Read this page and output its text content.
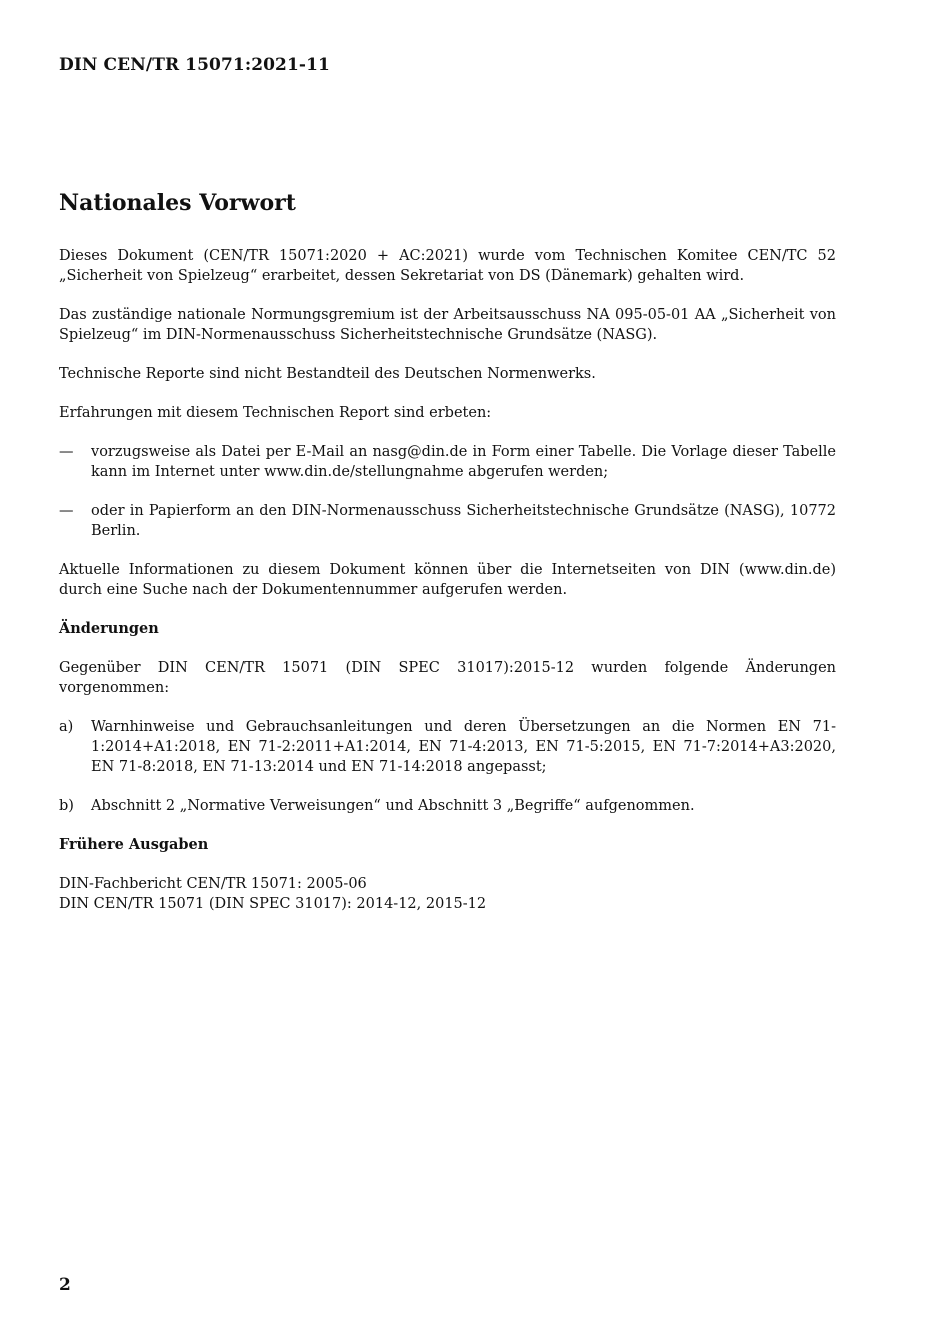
DIN CEN/TR 15071:2021-11
Nationales Vorwort

Dieses Dokument (CEN/TR 15071:2020 + AC:2021) wurde vom Technischen Komitee CEN/TC 52 „Sicherheit von Spielzeug“ erarbeitet, dessen Sekretariat von DS (Dänemark) gehalten wird.

Das zuständige nationale Normungsgremium ist der Arbeitsausschuss NA 095-05-01 AA „Sicherheit von Spielzeug“ im DIN-Normenausschuss Sicherheitstechnische Grundsätze (NASG).

Technische Reporte sind nicht Bestandteil des Deutschen Normenwerks.

Erfahrungen mit diesem Technischen Report sind erbeten:

—	vorzugsweise als Datei per E-Mail an nasg@din.de in Form einer Tabelle. Die Vorlage dieser Tabelle kann im Internet unter www.din.de/stellungnahme abgerufen werden;
—	oder in Papierform an den DIN-Normenausschuss Sicherheitstechnische Grundsätze (NASG), 10772 Berlin.

Aktuelle Informationen zu diesem Dokument können über die Internetseiten von DIN (www.din.de) durch eine Suche nach der Dokumentennummer aufgerufen werden.

Änderungen

Gegenüber DIN CEN/TR 15071 (DIN SPEC 31017):2015-12 wurden folgende Änderungen vorgenommen:

a)	Warnhinweise und Gebrauchsanleitungen und deren Übersetzungen an die Normen EN 71-1:2014+A1:2018, EN 71-2:2011+A1:2014, EN 71-4:2013, EN 71-5:2015, EN 71-7:2014+A3:2020, EN 71-8:2018, EN 71-13:2014 und EN 71-14:2018 angepasst;
b)	Abschnitt 2 „Normative Verweisungen“ und Abschnitt 3 „Begriffe“ aufgenommen.
Frühere Ausgaben

DIN-Fachbericht CEN/TR 15071: 2005-06
DIN CEN/TR 15071 (DIN SPEC 31017): 2014-12, 2015-12

2
